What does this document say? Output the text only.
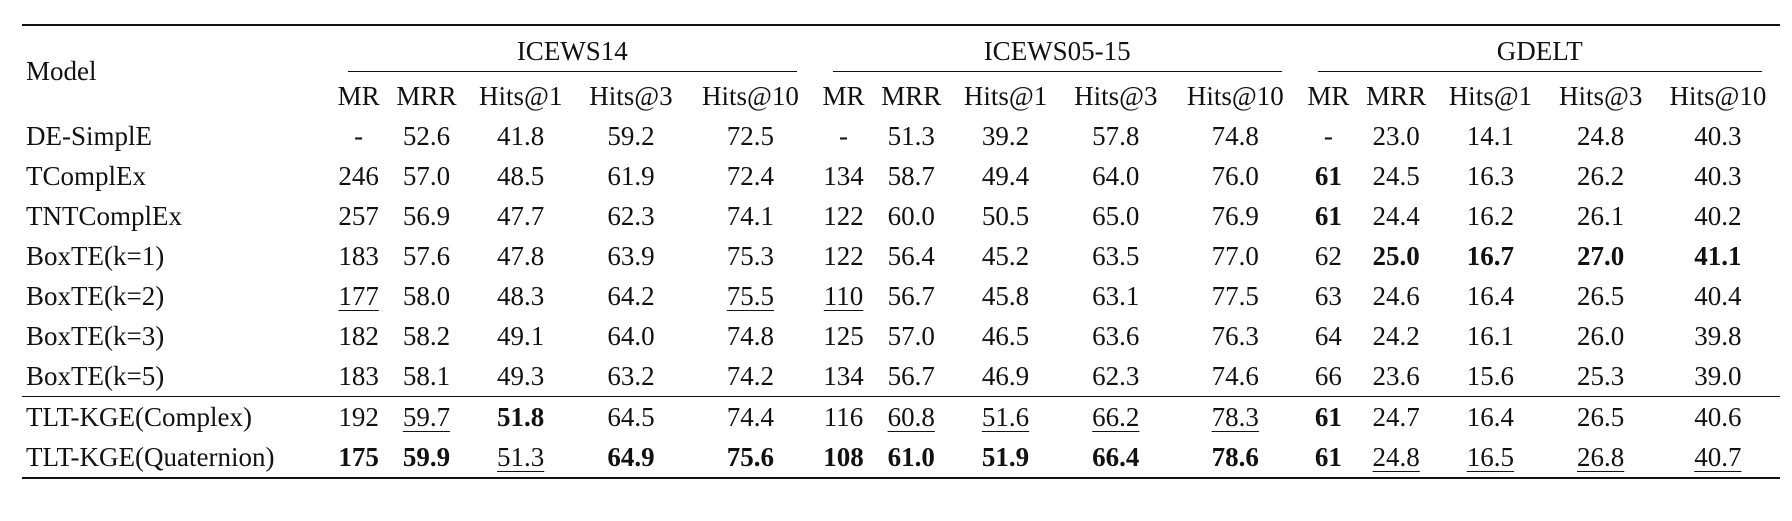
Model	ICEWS14					ICEWS05-15					GDELT				

	MR	MRR	Hits@1	Hits@3	Hits@10	MR	MRR	Hits@1	Hits@3	Hits@10	MR	MRR	Hits@1	Hits@3	Hits@10
DE-SimplE	-	52.6	41.8	59.2	72.5	-	51.3	39.2	57.8	74.8	-	23.0	14.1	24.8	40.3
TComplEx	246	57.0	48.5	61.9	72.4	134	58.7	49.4	64.0	76.0	61	24.5	16.3	26.2	40.3
TNTComplEx	257	56.9	47.7	62.3	74.1	122	60.0	50.5	65.0	76.9	61	24.4	16.2	26.1	40.2
BoxTE(k=1)	183	57.6	47.8	63.9	75.3	122	56.4	45.2	63.5	77.0	62	25.0	16.7	27.0	41.1
BoxTE(k=2)	177	58.0	48.3	64.2	75.5	110	56.7	45.8	63.1	77.5	63	24.6	16.4	26.5	40.4
BoxTE(k=3)	182	58.2	49.1	64.0	74.8	125	57.0	46.5	63.6	76.3	64	24.2	16.1	26.0	39.8
BoxTE(k=5)	183	58.1	49.3	63.2	74.2	134	56.7	46.9	62.3	74.6	66	23.6	15.6	25.3	39.0
TLT-KGE(Complex)	192	59.7	51.8	64.5	74.4	116	60.8	51.6	66.2	78.3	61	24.7	16.4	26.5	40.6
TLT-KGE(Quaternion)	175	59.9	51.3	64.9	75.6	108	61.0	51.9	66.4	78.6	61	24.8	16.5	26.8	40.7
